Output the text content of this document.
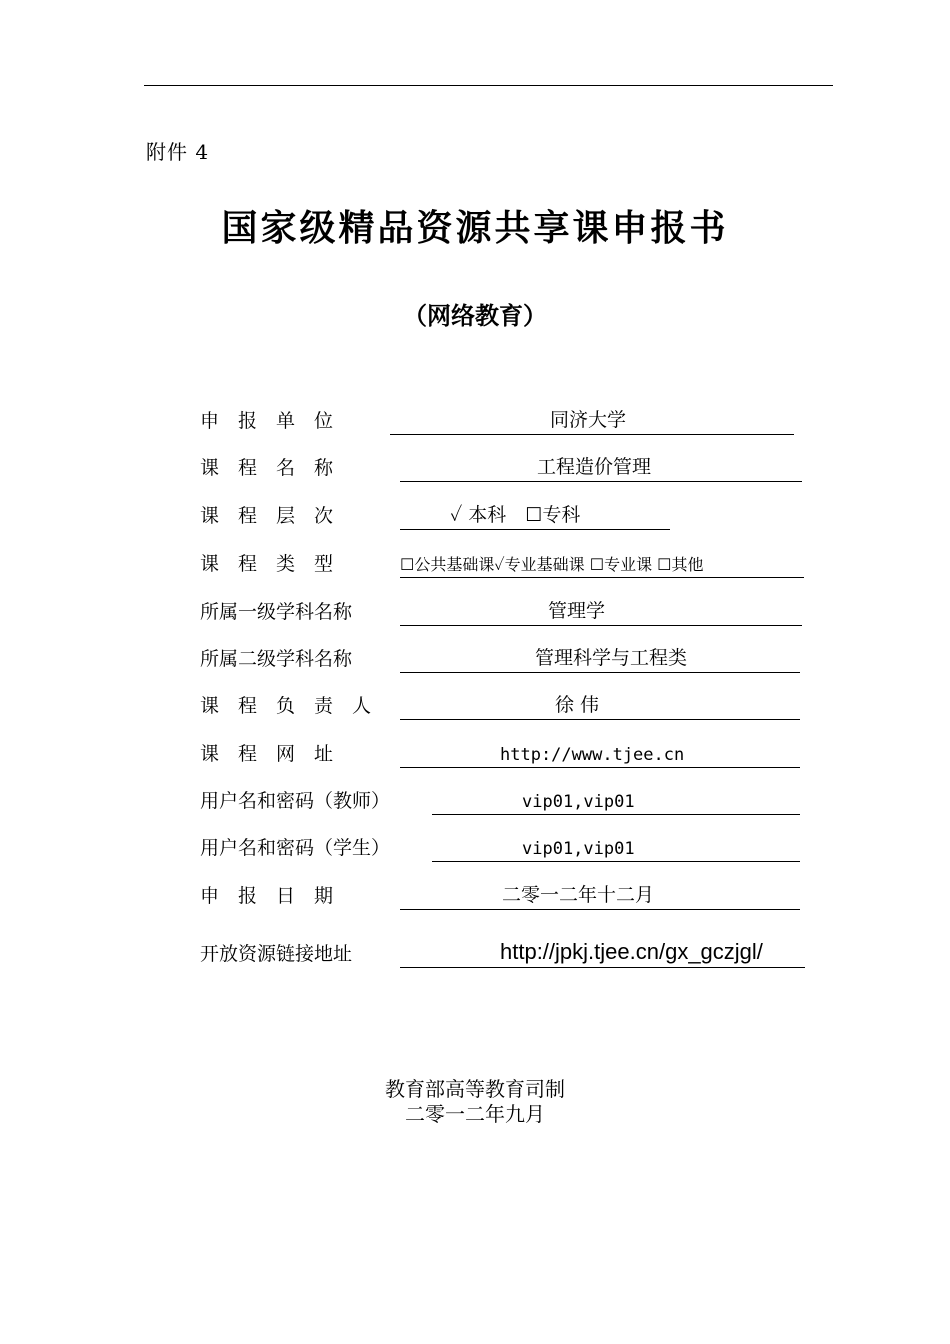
附件 4
国家级精品资源共享课申报书
（网络教育）
申　报　单　位	同济大学
课　程　名　称	工程造价管理
课　程　层　次	✓ 本科　☐专科
课　程　类　型	☐公共基础课✓专业基础课 ☐专业课 ☐其他
所属一级学科名称	管理学
所属二级学科名称	管理科学与工程类
课　程　负　责　人	徐 伟
课　程　网　址	http://www.tjee.cn
用户名和密码（教师）	vip01,vip01
用户名和密码（学生）	vip01,vip01
申　报　日　期	二零一二年十二月
开放资源链接地址	http://jpkj.tjee.cn/gx_gczjgl/
教育部高等教育司制
二零一二年九月
